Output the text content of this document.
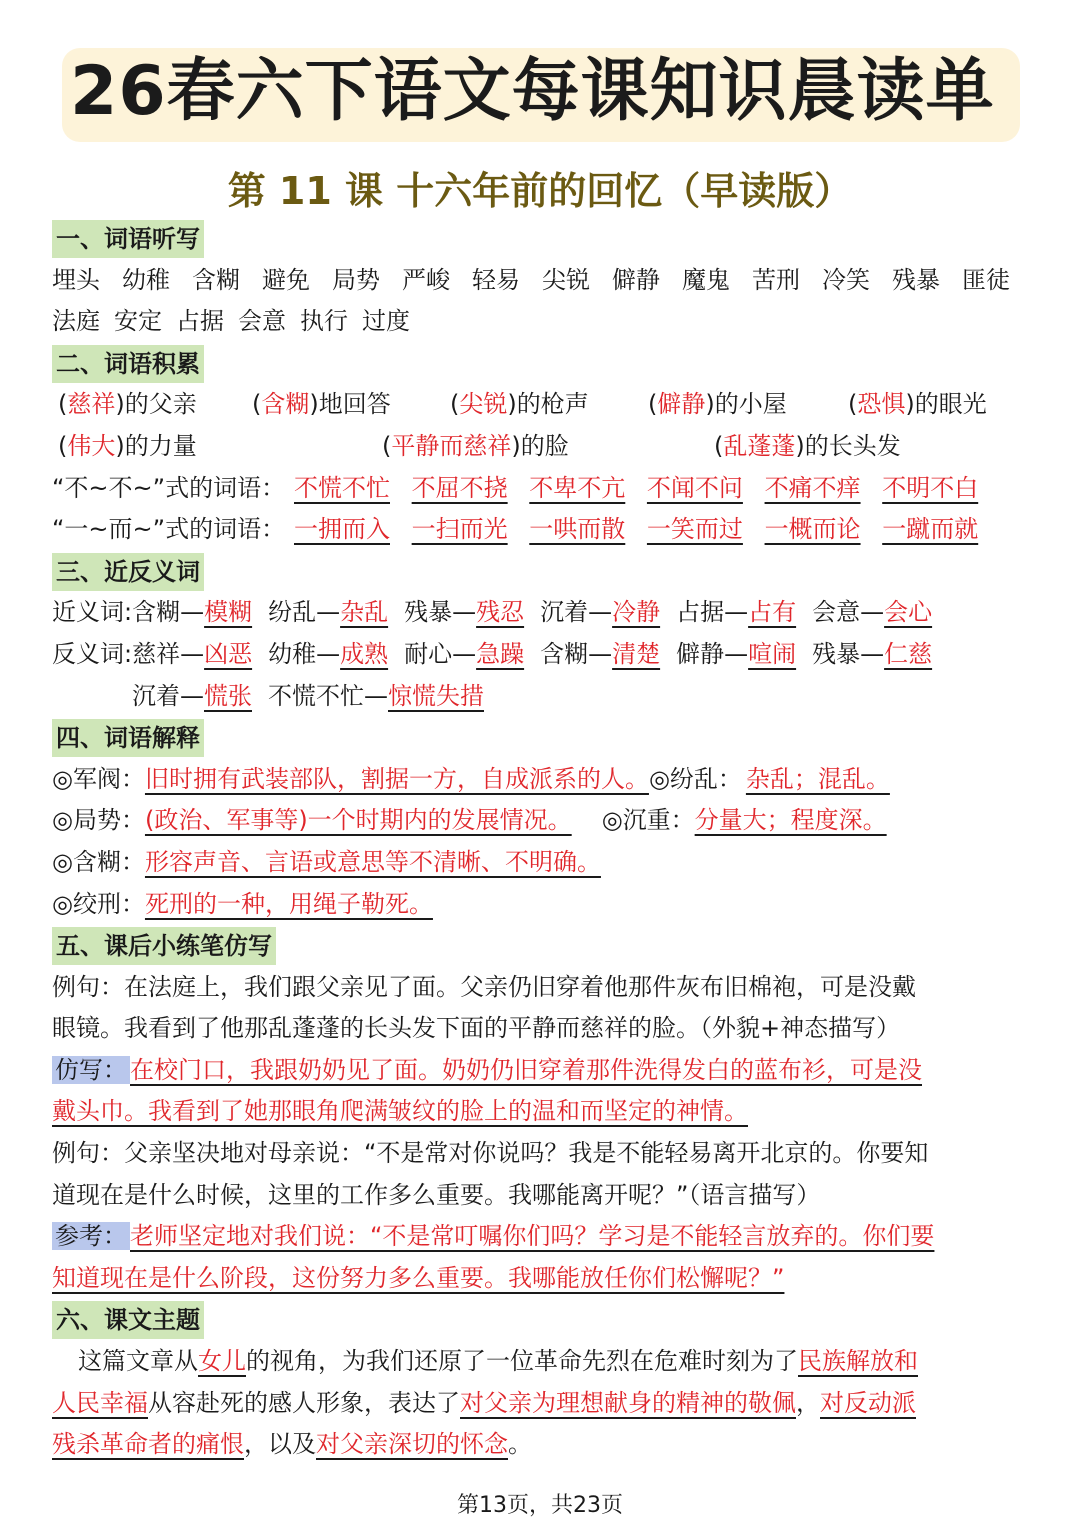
26春六下语文每课知识晨读单
第 11 课 十六年前的回忆（早读版）
一、词语听写
埋头 幼稚 含糊 避免 局势 严峻 轻易 尖锐 僻静 魔鬼 苦刑 冷笑 残暴 匪徒
法庭 安定 占据 会意 执行 过度
二、词语积累
(慈祥)的父亲 (含糊)地回答 (尖锐)的枪声 (僻静)的小屋	(恐惧)的眼光
(伟大)的力量	(平静而慈祥)的脸	(乱蓬蓬)的长头发
“不~不~”式的词语： 不慌不忙 不屈不挠 不卑不亢 不闻不问 不痛不痒 不明不白
“一~而~”式的词语： 一拥而入 一扫而光 一哄而散 一笑而过 一概而论 一蹴而就
三、近反义词
近义词:含糊—模糊 纷乱—杂乱 残暴—残忍 沉着—冷静 占据—占有 会意—会心
反义词:慈祥—凶恶 幼稚—成熟 耐心—急躁 含糊—清楚 僻静—喧闹 残暴—仁慈
沉着—慌张 不慌不忙—惊慌失措
四、词语解释
◎军阀：旧时拥有武装部队，割据一方，自成派系的人。◎纷乱： 杂乱；混乱。
◎局势：(政治、军事等)一个时期内的发展情况。 ◎沉重：分量大；程度深。
◎含糊：形容声音、言语或意思等不清晰、不明确。
◎绞刑：死刑的一种，用绳子勒死。
五、课后小练笔仿写
例句：在法庭上，我们跟父亲见了面。父亲仍旧穿着他那件灰布旧棉袍，可是没戴
眼镜。我看到了他那乱蓬蓬的长头发下面的平静而慈祥的脸。（外貌+神态描写）
仿写： 在校门口，我跟奶奶见了面。奶奶仍旧穿着那件洗得发白的蓝布衫，可是没
戴头巾。我看到了她那眼角爬满皱纹的脸上的温和而坚定的神情。
例句：父亲坚决地对母亲说：“不是常对你说吗？我是不能轻易离开北京的。你要知
道现在是什么时候，这里的工作多么重要。我哪能离开呢？”（语言描写）
参考： 老师坚定地对我们说：“不是常叮嘱你们吗？学习是不能轻言放弃的。你们要
知道现在是什么阶段，这份努力多么重要。我哪能放任你们松懈呢？”
六、课文主题
这篇文章从女儿的视角，为我们还原了一位革命先烈在危难时刻为了民族解放和
人民幸福从容赴死的感人形象，表达了对父亲为理想献身的精神的敬佩，对反动派
残杀革命者的痛恨，以及对父亲深切的怀念。
第13页，共23页
